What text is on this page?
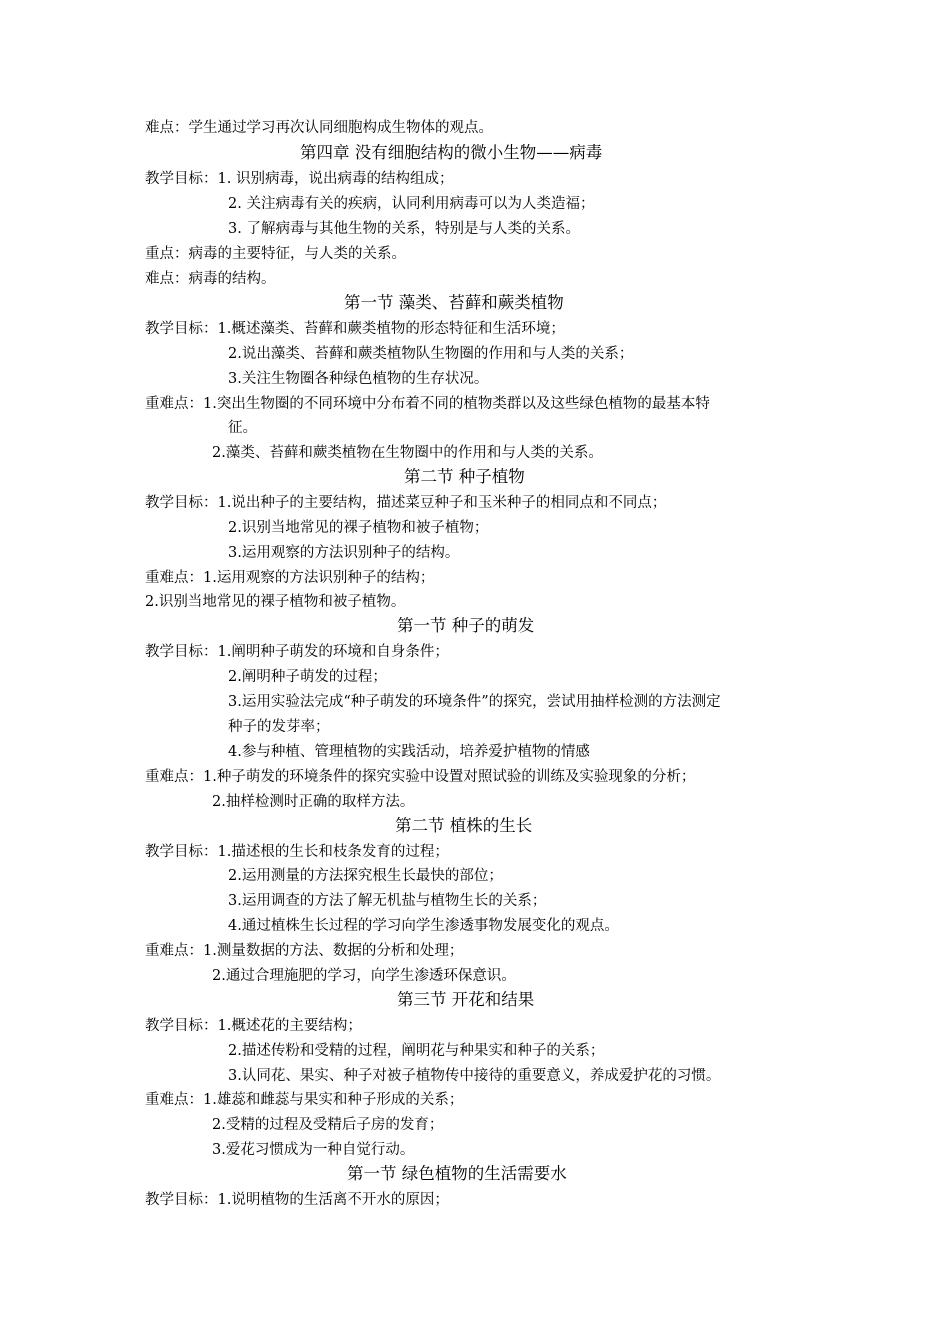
难点：学生通过学习再次认同细胞构成生物体的观点。
第四章 没有细胞结构的微小生物——病毒
教学目标：1. 识别病毒，说出病毒的结构组成；
2. 关注病毒有关的疾病，认同利用病毒可以为人类造福；
3. 了解病毒与其他生物的关系，特别是与人类的关系。
重点：病毒的主要特征，与人类的关系。
难点：病毒的结构。
第一节 藻类、苔藓和蕨类植物
教学目标：1.概述藻类、苔藓和蕨类植物的形态特征和生活环境；
2.说出藻类、苔藓和蕨类植物队生物圈的作用和与人类的关系；
3.关注生物圈各种绿色植物的生存状况。
重难点：1.突出生物圈的不同环境中分布着不同的植物类群以及这些绿色植物的最基本特
征。
2.藻类、苔藓和蕨类植物在生物圈中的作用和与人类的关系。
第二节 种子植物
教学目标：1.说出种子的主要结构，描述菜豆种子和玉米种子的相同点和不同点；
2.识别当地常见的裸子植物和被子植物；
3.运用观察的方法识别种子的结构。
重难点：1.运用观察的方法识别种子的结构；
2.识别当地常见的裸子植物和被子植物。
第一节 种子的萌发
教学目标：1.阐明种子萌发的环境和自身条件；
2.阐明种子萌发的过程；
3.运用实验法完成“种子萌发的环境条件”的探究，尝试用抽样检测的方法测定
种子的发芽率；
4.参与种植、管理植物的实践活动，培养爱护植物的情感
重难点：1.种子萌发的环境条件的探究实验中设置对照试验的训练及实验现象的分析；
2.抽样检测时正确的取样方法。
第二节 植株的生长
教学目标：1.描述根的生长和枝条发育的过程；
2.运用测量的方法探究根生长最快的部位；
3.运用调查的方法了解无机盐与植物生长的关系；
4.通过植株生长过程的学习向学生渗透事物发展变化的观点。
重难点：1.测量数据的方法、数据的分析和处理；
2.通过合理施肥的学习，向学生渗透环保意识。
第三节 开花和结果
教学目标：1.概述花的主要结构；
2.描述传粉和受精的过程，阐明花与种果实和种子的关系；
3.认同花、果实、种子对被子植物传中接待的重要意义，养成爱护花的习惯。
重难点：1.雄蕊和雌蕊与果实和种子形成的关系；
2.受精的过程及受精后子房的发育；
3.爱花习惯成为一种自觉行动。
第一节 绿色植物的生活需要水
教学目标：1.说明植物的生活离不开水的原因；
